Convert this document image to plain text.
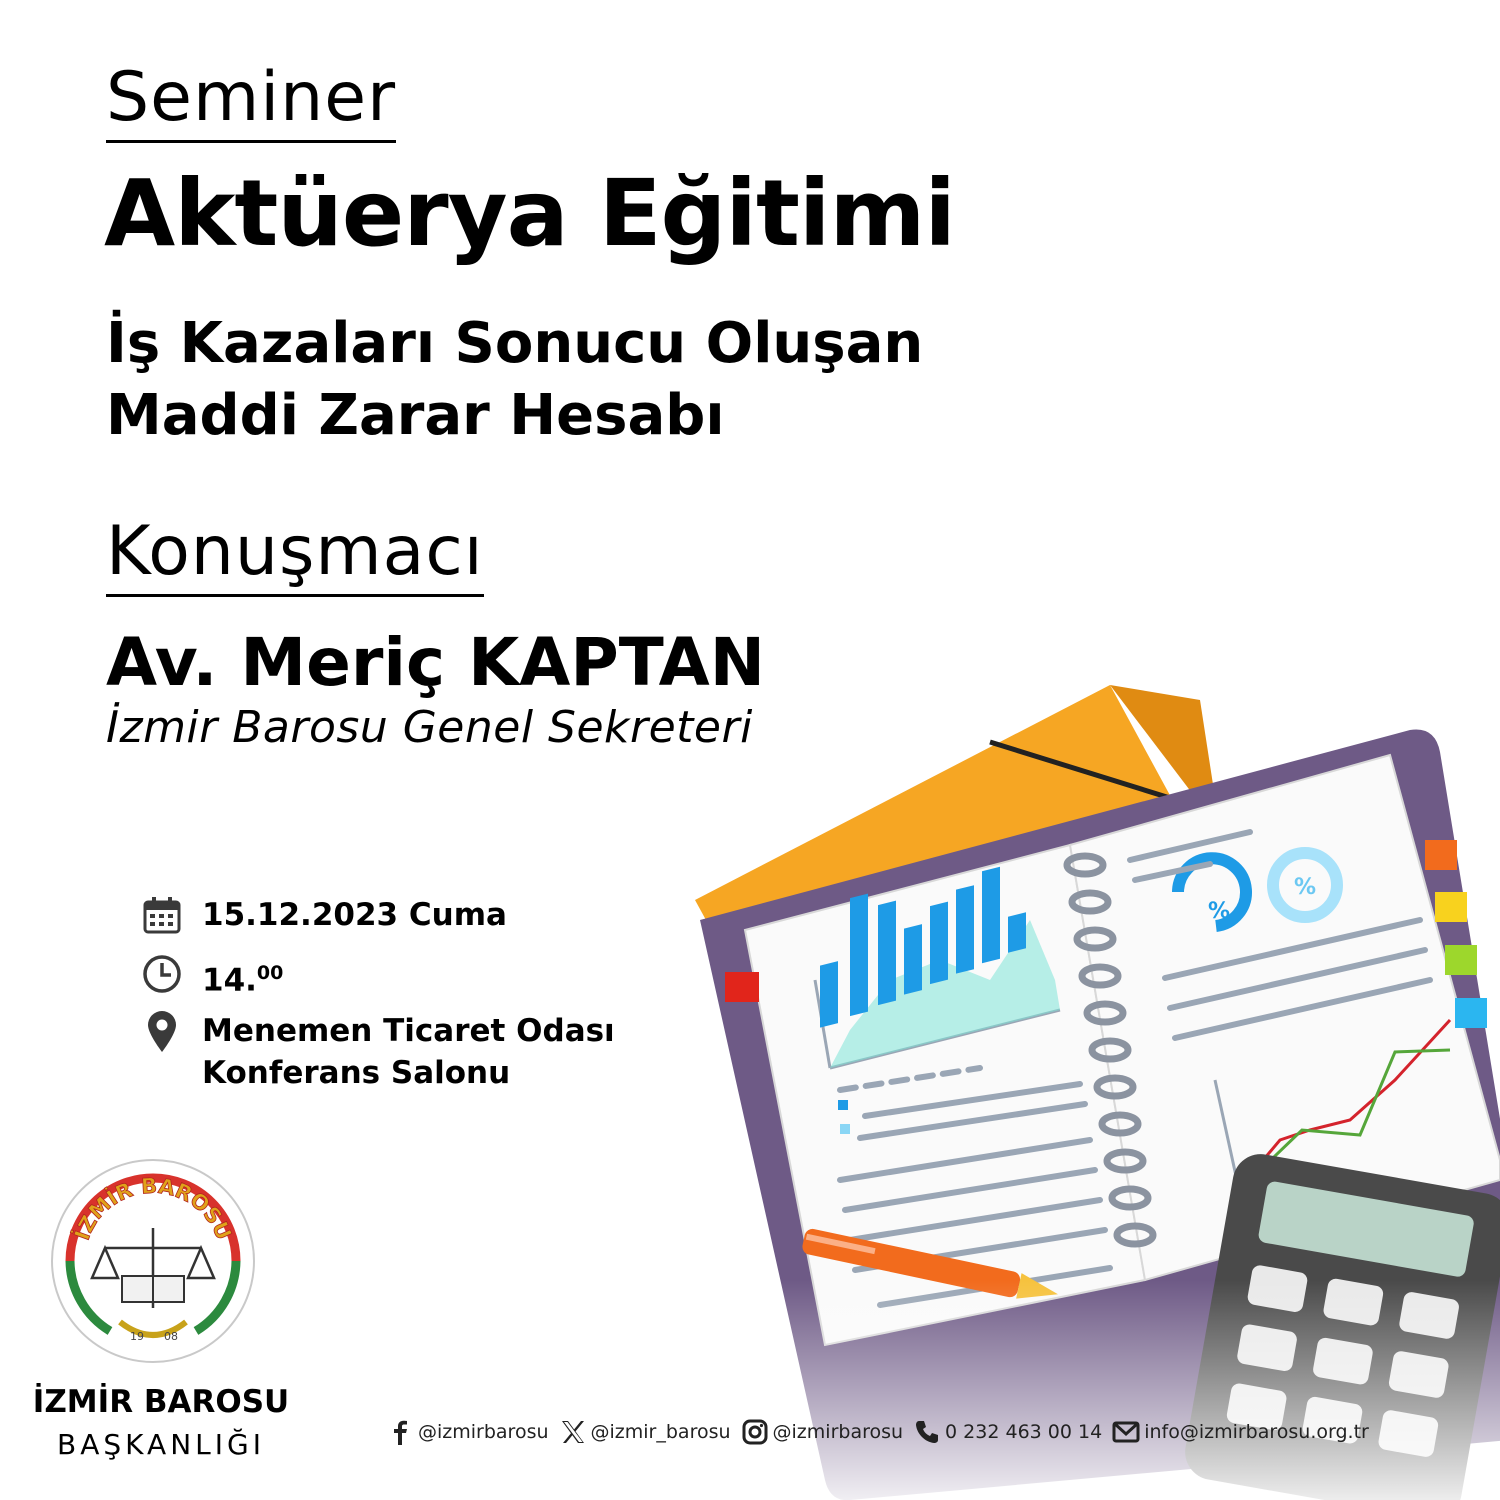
Seminer
Aktüerya Eğitimi
İş Kazaları Sonucu Oluşan
Maddi Zarar Hesabı
Konuşmacı
Av. Meriç KAPTAN
İzmir Barosu Genel Sekreteri
15.12.2023 Cuma
14.00
Menemen Ticaret Odası
Konferans Salonu
İZMİR BAROSU
19 08
İZMİR BAROSU
BAŞKANLIĞI
%
%
@izmirbarosu @izmir_barosu @izmirbarosu 0 232 463 00 14 info@izmirbarosu.org.tr
